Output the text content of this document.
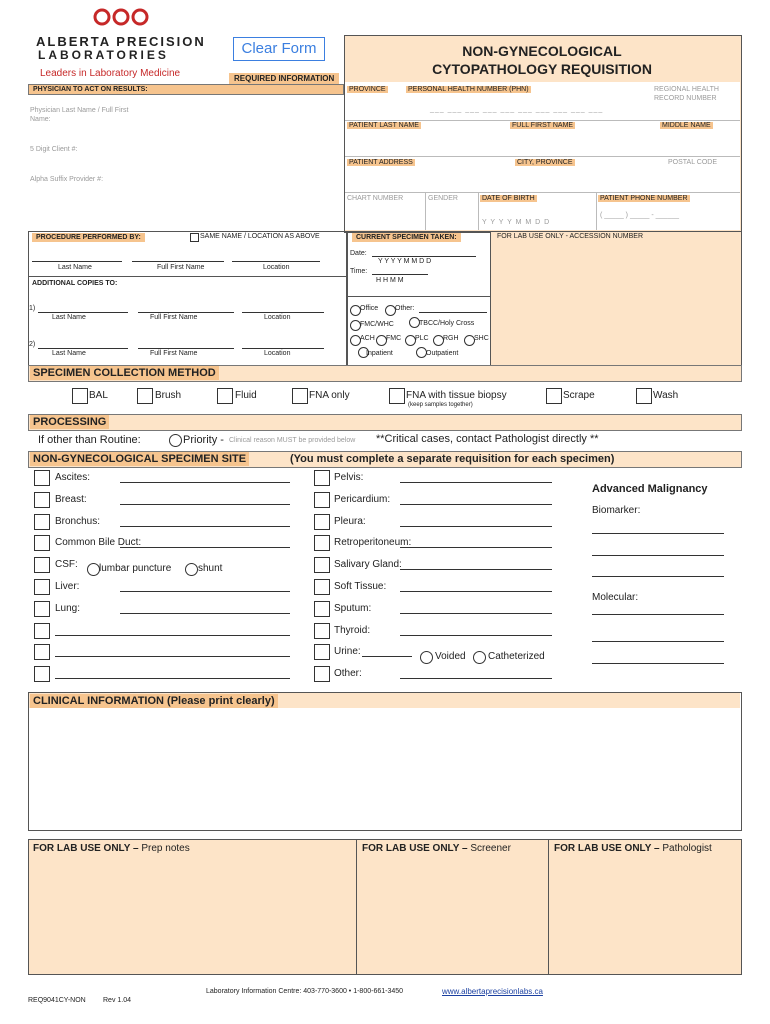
ALBERTA PRECISION
LABORATORIES
Leaders in Laboratory Medicine
Clear Form
REQUIRED INFORMATION
NON-GYNECOLOGICAL
CYTOPATHOLOGY REQUISITION
PROVINCE	PERSONAL HEALTH NUMBER (PHN)	REGIONAL HEALTH
RECORD NUMBER
___ ___ ___ ___ ___ ___ ___ ___ ___ ___
PATIENT LAST NAME	FULL FIRST NAME	MIDDLE NAME
PATIENT ADDRESS	CITY, PROVINCE	POSTAL CODE
CHART NUMBER	GENDER	DATE OF BIRTH
Y Y Y Y M M D D
PATIENT PHONE NUMBER
( _____ ) _____ - ______
PHYSICIAN TO ACT ON RESULTS:
Physician Last Name / Full First Name:
5 Digit Client #:
Alpha Suffix Provider #:
PROCEDURE PERFORMED BY:	SAME NAME / LOCATION AS ABOVE
Last Name	Full First Name	Location
ADDITIONAL COPIES TO:
1)
Last Name	Full First Name	Location
2)
Last Name	Full First Name	Location
CURRENT SPECIMEN TAKEN:
Date:
Y Y Y Y M M D D
Time:
H H M M
Office Other:
FMC/WHC	TBCC/Holy Cross
ACH FMC PLC RGH SHC
Inpatient	Outpatient
FOR LAB USE ONLY - ACCESSION NUMBER
SPECIMEN COLLECTION METHOD
BAL	Brush	Fluid	FNA only	FNA with tissue biopsy
(keep samples together)
Scrape	Wash
PROCESSING
If other than Routine:	Priority - Clinical reason MUST be provided below **Critical cases, contact Pathologist directly **
NON-GYNECOLOGICAL SPECIMEN SITE	(You must complete a separate requisition for each specimen)
Ascites:
Breast:
Bronchus:
Common Bile Duct:
CSF:
Liver:
Lung:
Pelvis:
Pericardium:
Pleura:
Retroperitoneum:
Salivary Gland:
Soft Tissue:
Sputum:
Thyroid:
Urine:
Other:
lumbar puncture	shunt
Voided Catheterized
Advanced Malignancy
Biomarker:
Molecular:
CLINICAL INFORMATION (Please print clearly)
FOR LAB USE ONLY – Prep notes	FOR LAB USE ONLY – Screener	FOR LAB USE ONLY – Pathologist
Laboratory Information Centre: 403-770-3600 • 1-800-661-3450	www.albertaprecisionlabs.ca
REQ9041CY-NON Rev 1.04
